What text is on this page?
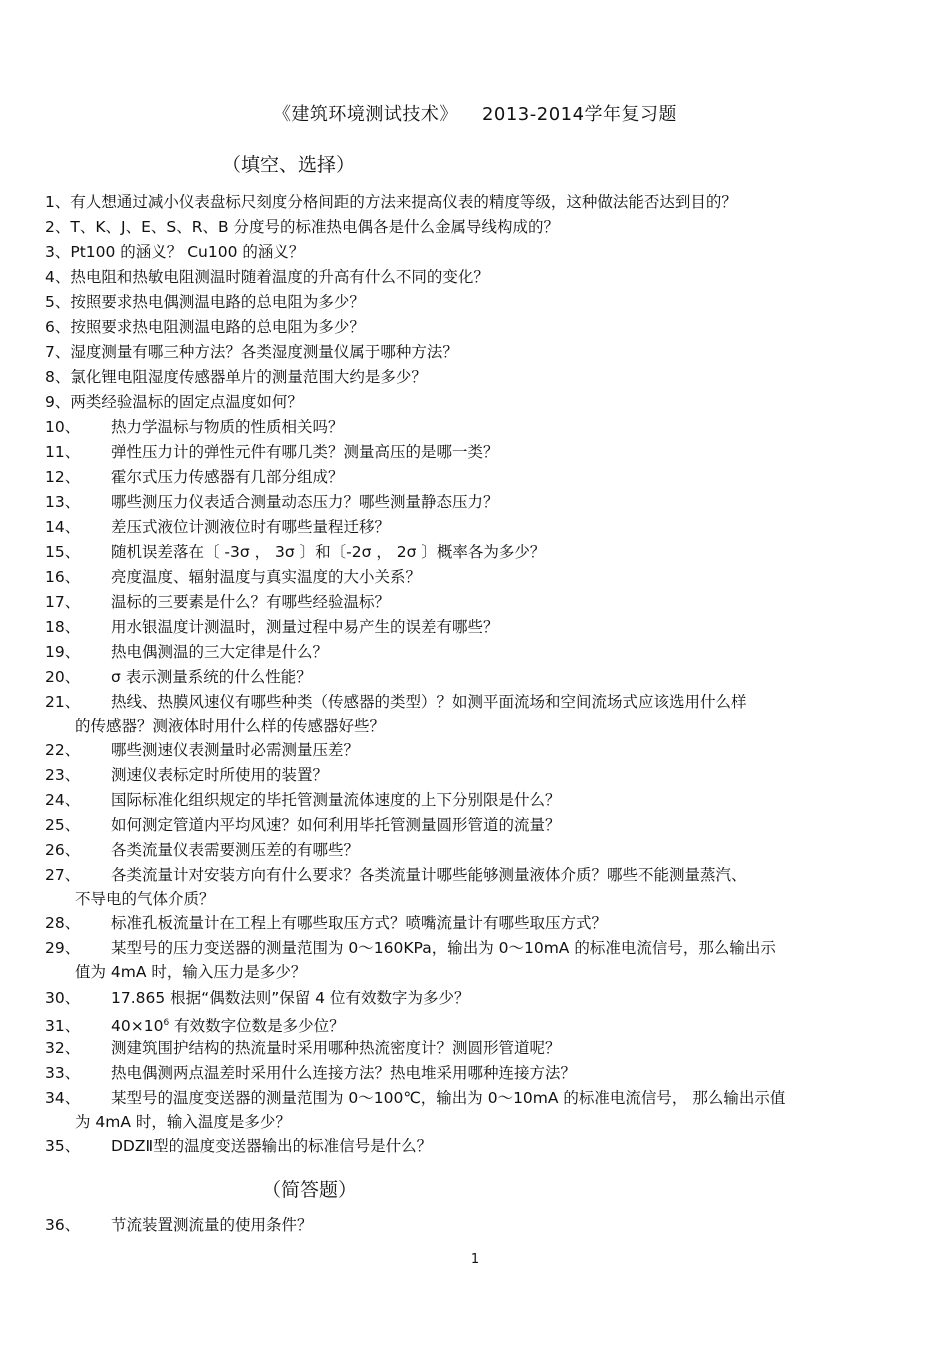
《建筑环境测试技术》 2013-2014学年复习题
（填空、选择）
1、有人想通过减小仪表盘标尺刻度分格间距的方法来提高仪表的精度等级，这种做法能否达到目的？
2、T、K、J、E、S、R、B 分度号的标准热电偶各是什么金属导线构成的？
3、Pt100 的涵义？ Cu100 的涵义？
4、热电阻和热敏电阻测温时随着温度的升高有什么不同的变化？
5、按照要求热电偶测温电路的总电阻为多少？
6、按照要求热电阻测温电路的总电阻为多少？
7、湿度测量有哪三种方法？各类湿度测量仪属于哪种方法？
8、氯化锂电阻湿度传感器单片的测量范围大约是多少？
9、两类经验温标的固定点温度如何？
10、 热力学温标与物质的性质相关吗？
11、 弹性压力计的弹性元件有哪几类？测量高压的是哪一类？
12、 霍尔式压力传感器有几部分组成？
13、 哪些测压力仪表适合测量动态压力？哪些测量静态压力？
14、 差压式液位计测液位时有哪些量程迁移？
15、 随机误差落在〔 -3σ ， 3σ 〕和〔-2σ ， 2σ 〕概率各为多少？
16、 亮度温度、辐射温度与真实温度的大小关系？
17、 温标的三要素是什么？有哪些经验温标？
18、 用水银温度计测温时，测量过程中易产生的误差有哪些？
19、 热电偶测温的三大定律是什么？
20、 σ 表示测量系统的什么性能？
21、 热线、热膜风速仪有哪些种类（传感器的类型）？如测平面流场和空间流场式应该选用什么样
的传感器？测液体时用什么样的传感器好些？
22、 哪些测速仪表测量时必需测量压差？
23、 测速仪表标定时所使用的装置？
24、 国际标准化组织规定的毕托管测量流体速度的上下分别限是什么？
25、 如何测定管道内平均风速？如何利用毕托管测量圆形管道的流量？
26、 各类流量仪表需要测压差的有哪些？
27、 各类流量计对安装方向有什么要求？各类流量计哪些能够测量液体介质？哪些不能测量蒸汽、
不导电的气体介质？
28、 标准孔板流量计在工程上有哪些取压方式？喷嘴流量计有哪些取压方式？
29、 某型号的压力变送器的测量范围为 0～160KPa，输出为 0～10mA 的标准电流信号，那么输出示
值为 4mA 时，输入压力是多少？
30、 17.865 根据“偶数法则”保留 4 位有效数字为多少？
31、 $40\times 10^6$ 有效数字位数是多少位？
32、 测建筑围护结构的热流量时采用哪种热流密度计？测圆形管道呢？
33、 热电偶测两点温差时采用什么连接方法？热电堆采用哪种连接方法？
34、 某型号的温度变送器的测量范围为 0～100℃，输出为 0～10mA 的标准电流信号， 那么输出示值
为 4mA 时，输入温度是多少？
35、 DDZⅡ型的温度变送器输出的标准信号是什么？
36、 节流装置测流量的使用条件？
（简答题）
1
